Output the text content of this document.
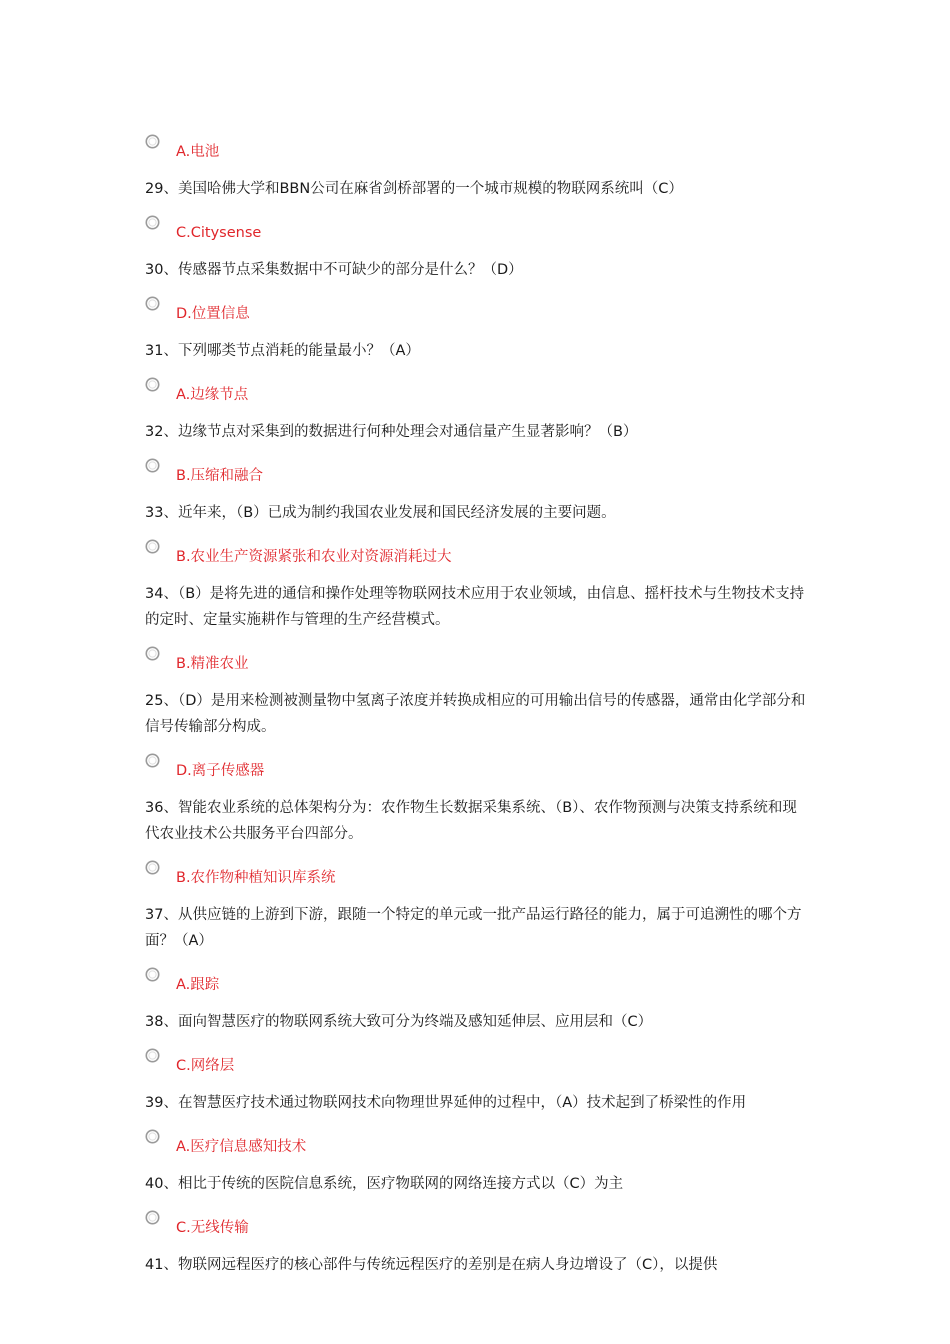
A.电池

29、美国哈佛大学和BBN公司在麻省剑桥部署的一个城市规模的物联网系统叫（C）

C.Citysense

30、传感器节点采集数据中不可缺少的部分是什么？（D）

D.位置信息

31、下列哪类节点消耗的能量最小？（A）

A.边缘节点

32、边缘节点对采集到的数据进行何种处理会对通信量产生显著影响？（B）

B.压缩和融合

33、近年来，（B）已成为制约我国农业发展和国民经济发展的主要问题。

B.农业生产资源紧张和农业对资源消耗过大

34、（B）是将先进的通信和操作处理等物联网技术应用于农业领域，由信息、摇杆技术与生物技术支持的定时、定量实施耕作与管理的生产经营模式。

B.精准农业

25、（D）是用来检测被测量物中氢离子浓度并转换成相应的可用输出信号的传感器，通常由化学部分和信号传输部分构成。

D.离子传感器

36、智能农业系统的总体架构分为：农作物生长数据采集系统、（B）、农作物预测与决策支持系统和现代农业技术公共服务平台四部分。

B.农作物种植知识库系统

37、从供应链的上游到下游，跟随一个特定的单元或一批产品运行路径的能力，属于可追溯性的哪个方面？（A）

A.跟踪

38、面向智慧医疗的物联网系统大致可分为终端及感知延伸层、应用层和（C）

C.网络层

39、在智慧医疗技术通过物联网技术向物理世界延伸的过程中，（A）技术起到了桥梁性的作用

A.医疗信息感知技术

40、相比于传统的医院信息系统，医疗物联网的网络连接方式以（C）为主

C.无线传输

41、物联网远程医疗的核心部件与传统远程医疗的差别是在病人身边增设了（C），以提供
